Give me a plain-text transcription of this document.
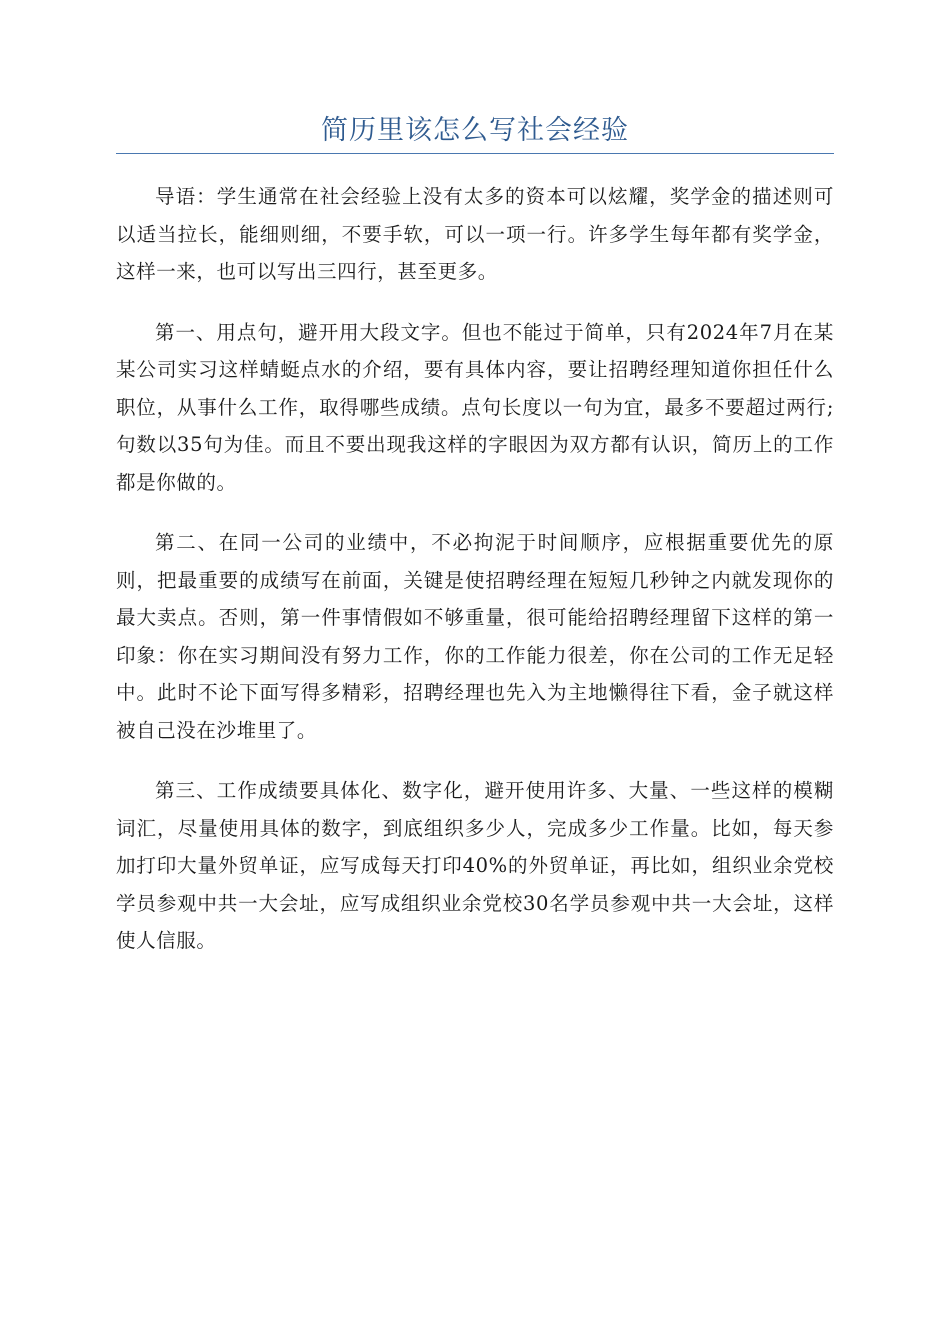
简历里该怎么写社会经验

导语：学生通常在社会经验上没有太多的资本可以炫耀，奖学金的描述则可以适当拉长，能细则细，不要手软，可以一项一行。许多学生每年都有奖学金，这样一来，也可以写出三四行，甚至更多。

第一、用点句，避开用大段文字。但也不能过于简单，只有2024年7月在某某公司实习这样蜻蜓点水的介绍，要有具体内容，要让招聘经理知道你担任什么职位，从事什么工作，取得哪些成绩。点句长度以一句为宜，最多不要超过两行;句数以35句为佳。而且不要出现我这样的字眼因为双方都有认识，简历上的工作都是你做的。

第二、在同一公司的业绩中，不必拘泥于时间顺序，应根据重要优先的原则，把最重要的成绩写在前面，关键是使招聘经理在短短几秒钟之内就发现你的最大卖点。否则，第一件事情假如不够重量，很可能给招聘经理留下这样的第一印象：你在实习期间没有努力工作，你的工作能力很差，你在公司的工作无足轻中。此时不论下面写得多精彩，招聘经理也先入为主地懒得往下看，金子就这样被自己没在沙堆里了。

第三、工作成绩要具体化、数字化，避开使用许多、大量、一些这样的模糊词汇，尽量使用具体的数字，到底组织多少人，完成多少工作量。比如，每天参加打印大量外贸单证，应写成每天打印40%的外贸单证，再比如，组织业余党校学员参观中共一大会址，应写成组织业余党校30名学员参观中共一大会址，这样使人信服。
